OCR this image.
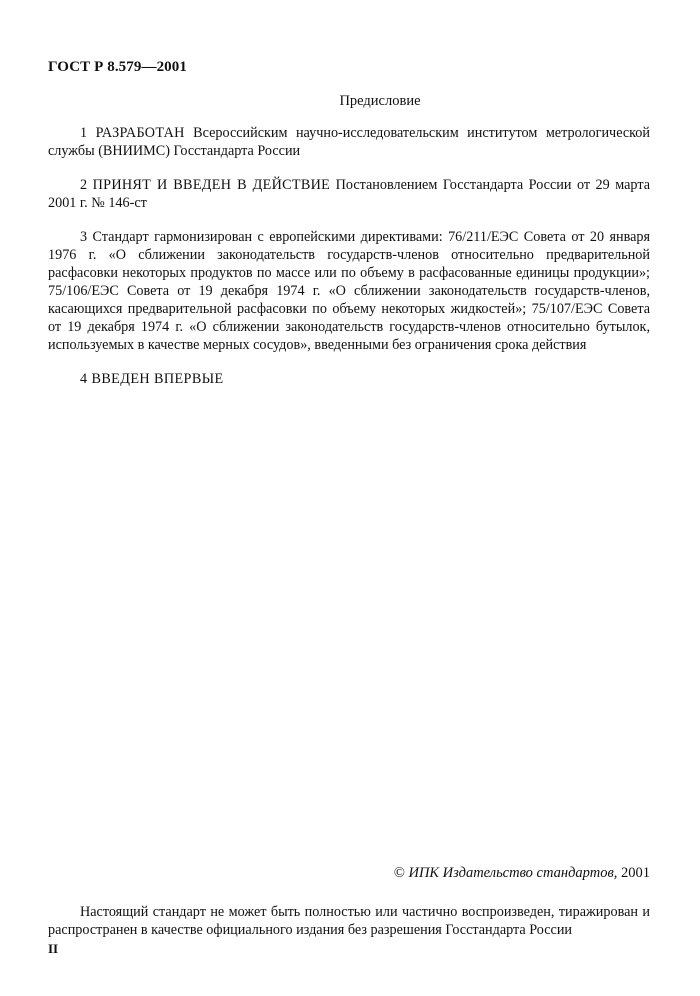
ГОСТ Р 8.579—2001
Предисловие

1 РАЗРАБОТАН Всероссийским научно-исследовательским институтом метрологической службы (ВНИИМС) Госстандарта России

2 ПРИНЯТ И ВВЕДЕН В ДЕЙСТВИЕ Постановлением Госстандарта России от 29 марта 2001 г. № 146-ст

3 Стандарт гармонизирован с европейскими директивами: 76/211/ЕЭС Совета от 20 января 1976 г. «О сближении законодательств государств-членов относительно предварительной расфасовки некоторых продуктов по массе или по объему в расфасованные единицы продукции»; 75/106/ЕЭС Совета от 19 декабря 1974 г. «О сближении законодательств государств-членов, касающихся предварительной расфасовки по объему некоторых жидкостей»; 75/107/ЕЭС Совета от 19 декабря 1974 г. «О сближении законодательств государств-членов относительно бутылок, используемых в качестве мерных сосудов», введенными без ограничения срока действия

4 ВВЕДЕН ВПЕРВЫЕ

© ИПК Издательство стандартов, 2001
Настоящий стандарт не может быть полностью или частично воспроизведен, тиражирован и распространен в качестве официального издания без разрешения Госстандарта России
II
